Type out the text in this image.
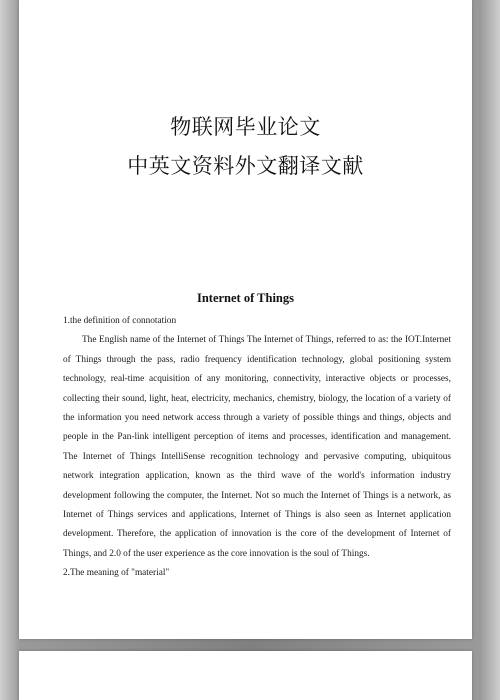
物联网毕业论文
中英文资料外文翻译文献
Internet of Things

1.the definition of connotation

The English name of the Internet of Things The Internet of Things, referred to as: the IOT.Internet of Things through the pass, radio frequency identification technology, global positioning system technology, real-time acquisition of any monitoring, connectivity, interactive objects or processes, collecting their sound, light, heat, electricity, mechanics, chemistry, biology, the location of a variety of the information you need network access through a variety of possible things and things, objects and people in the Pan-link intelligent perception of items and processes, identification and management. The Internet of Things IntelliSense recognition technology and pervasive computing, ubiquitous network integration application, known as the third wave of the world's information industry development following the computer, the Internet. Not so much the Internet of Things is a network, as Internet of Things services and applications, Internet of Things is also seen as Internet application development. Therefore, the application of innovation is the core of the development of Internet of Things, and 2.0 of the user experience as the core innovation is the soul of Things.

2.The meaning of "material"
